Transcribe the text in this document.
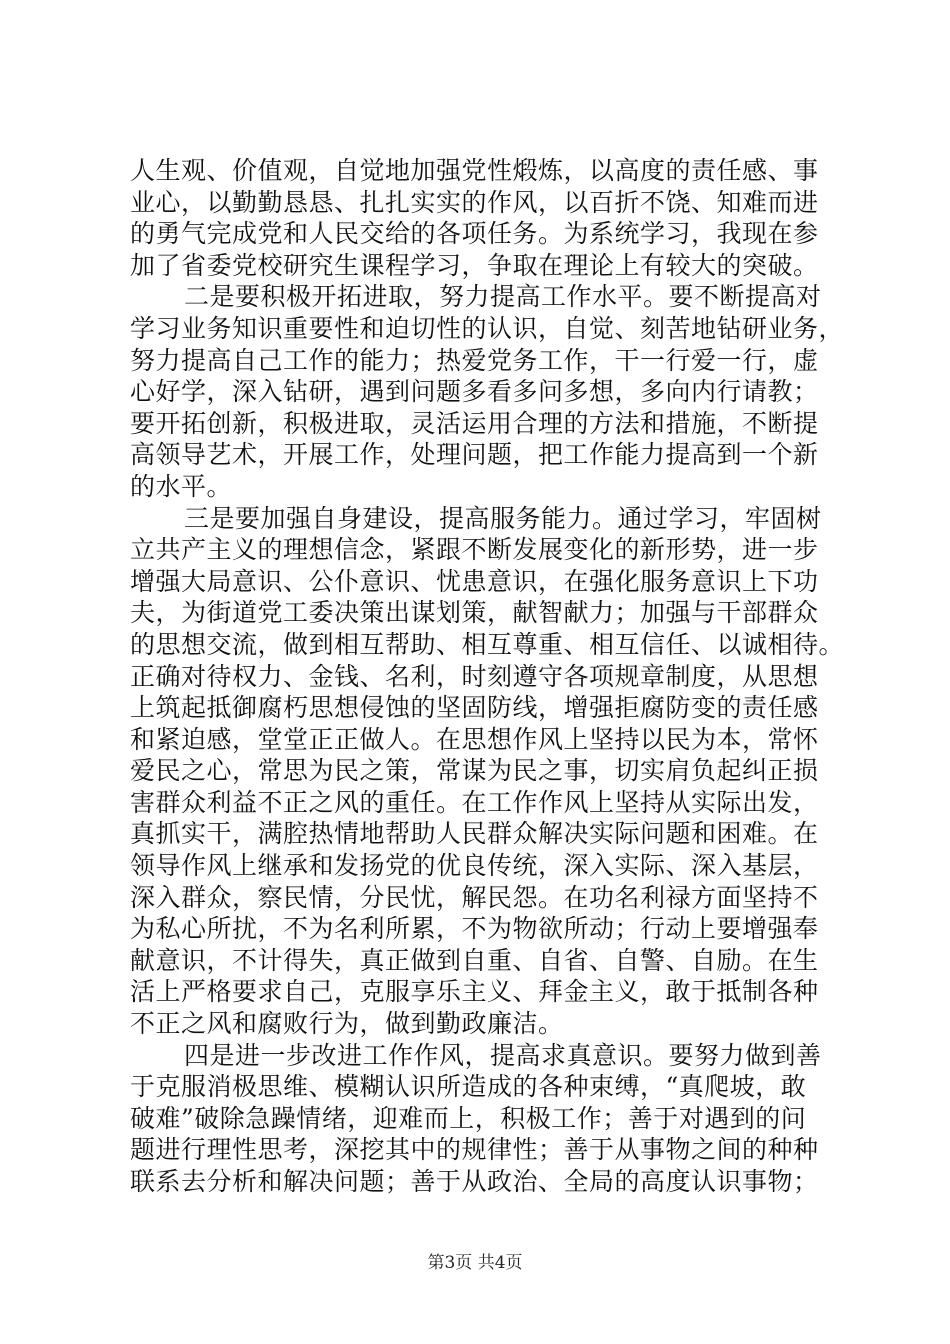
人生观、价值观，自觉地加强党性煅炼，以高度的责任感、事
业心，以勤勤恳恳、扎扎实实的作风，以百折不饶、知难而进
的勇气完成党和人民交给的各项任务。为系统学习，我现在参
加了省委党校研究生课程学习，争取在理论上有较大的突破。
二是要积极开拓进取，努力提高工作水平。要不断提高对
学习业务知识重要性和迫切性的认识，自觉、刻苦地钻研业务，
努力提高自己工作的能力；热爱党务工作，干一行爱一行，虚
心好学，深入钻研，遇到问题多看多问多想，多向内行请教；
要开拓创新，积极进取，灵活运用合理的方法和措施，不断提
高领导艺术，开展工作，处理问题，把工作能力提高到一个新
的水平。
三是要加强自身建设，提高服务能力。通过学习，牢固树
立共产主义的理想信念，紧跟不断发展变化的新形势，进一步
增强大局意识、公仆意识、忧患意识，在强化服务意识上下功
夫，为街道党工委决策出谋划策，献智献力；加强与干部群众
的思想交流，做到相互帮助、相互尊重、相互信任、以诚相待。
正确对待权力、金钱、名利，时刻遵守各项规章制度，从思想
上筑起抵御腐朽思想侵蚀的坚固防线，增强拒腐防变的责任感
和紧迫感，堂堂正正做人。在思想作风上坚持以民为本，常怀
爱民之心，常思为民之策，常谋为民之事，切实肩负起纠正损
害群众利益不正之风的重任。在工作作风上坚持从实际出发，
真抓实干，满腔热情地帮助人民群众解决实际问题和困难。在
领导作风上继承和发扬党的优良传统，深入实际、深入基层，
深入群众，察民情，分民忧，解民怨。在功名利禄方面坚持不
为私心所扰，不为名利所累，不为物欲所动；行动上要增强奉
献意识，不计得失，真正做到自重、自省、自警、自励。在生
活上严格要求自己，克服享乐主义、拜金主义，敢于抵制各种
不正之风和腐败行为，做到勤政廉洁。
四是进一步改进工作作风，提高求真意识。要努力做到善
于克服消极思维、模糊认识所造成的各种束缚，“真爬坡，敢
破难”破除急躁情绪，迎难而上，积极工作；善于对遇到的问
题进行理性思考，深挖其中的规律性；善于从事物之间的种种
联系去分析和解决问题；善于从政治、全局的高度认识事物；
第3页 共4页
